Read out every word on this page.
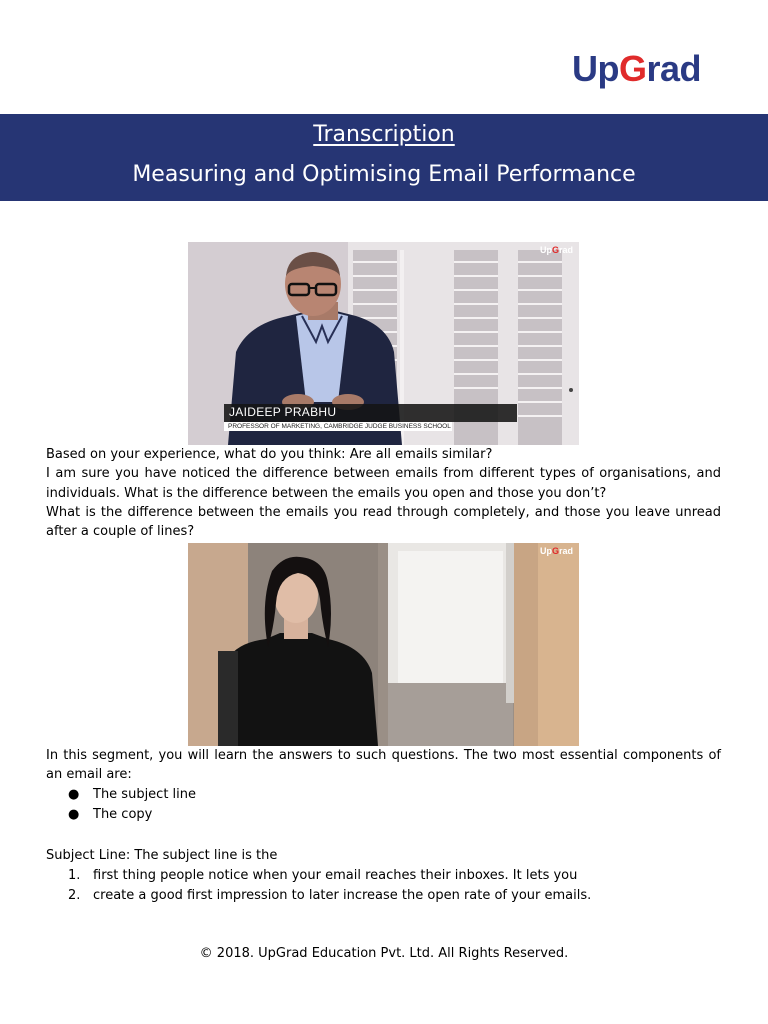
UpGrad
Transcription
Measuring and Optimising Email Performance
UpGrad
JAIDEEP PRABHU
PROFESSOR OF MARKETING, CAMBRIDGE JUDGE BUSINESS SCHOOL
Based on your experience, what do you think: Are all emails similar?
I am sure you have noticed the difference between emails from different types of organisations, and individuals. What is the difference between the emails you open and those you don’t?
What is the difference between the emails you read through completely, and those you leave unread after a couple of lines?
UpGrad
In this segment, you will learn the answers to such questions. The two most essential components of an email are:
● The subject line
● The copy
Subject Line: The subject line is the
1. first thing people notice when your email reaches their inboxes. It lets you
2. create a good first impression to later increase the open rate of your emails.
© 2018. UpGrad Education Pvt. Ltd. All Rights Reserved.
